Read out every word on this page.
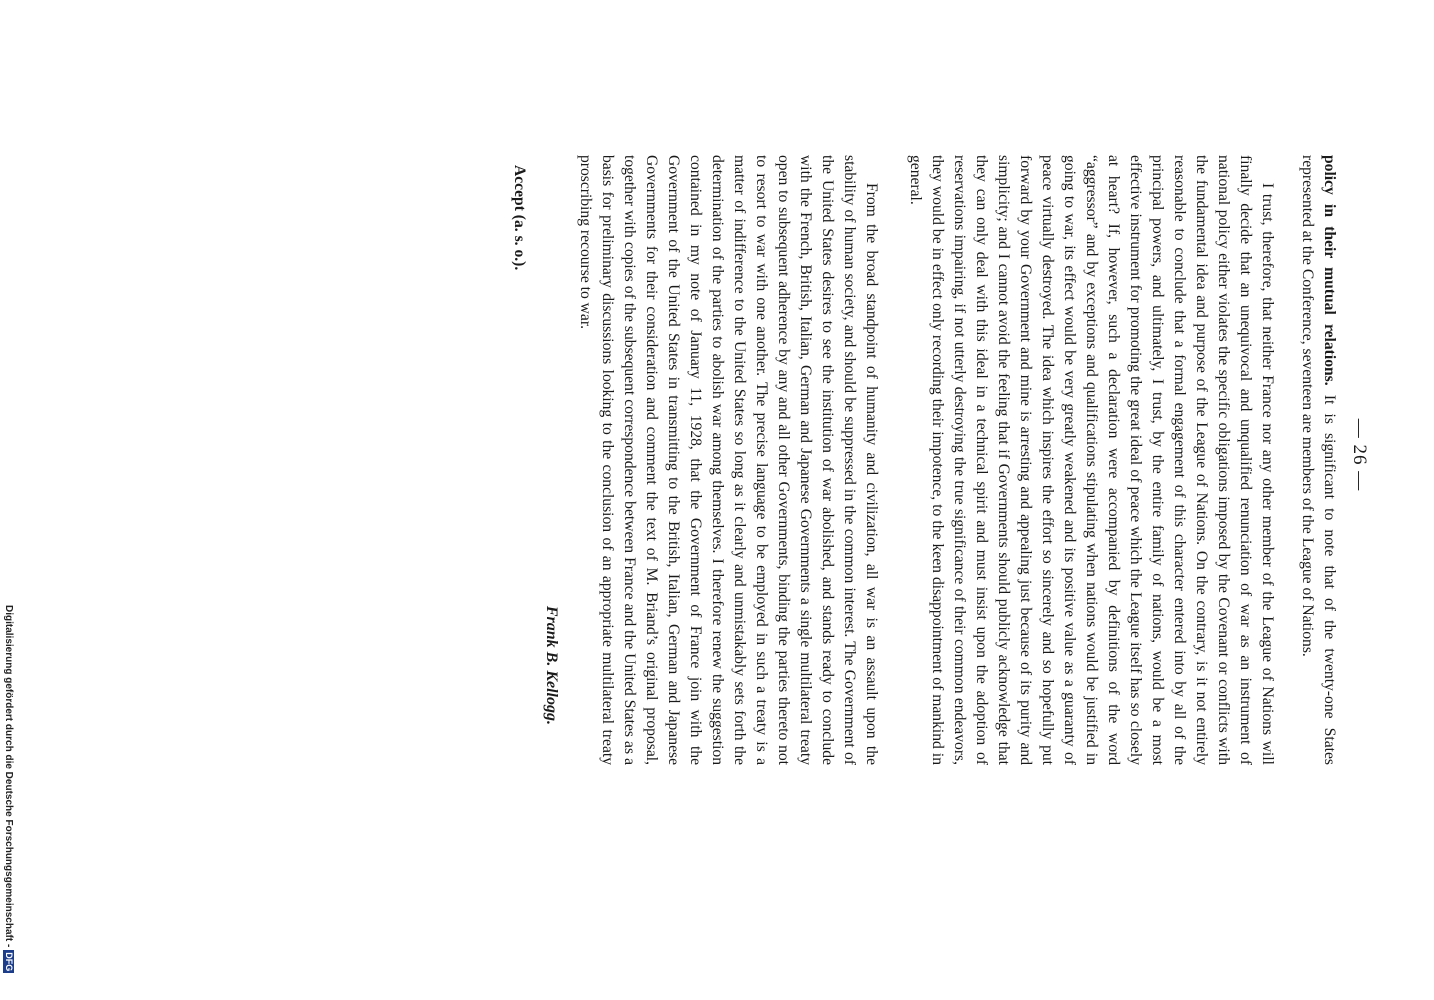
— 26 —

policy in their mutual relations. It is significant to note that of the twenty-one States represented at the Conference, seventeen are members of the League of Nations.

I trust, therefore, that neither France nor any other member of the League of Nations will finally decide that an unequivocal and unqualified renunciation of war as an instrument of national policy either violates the specific obligations imposed by the Covenant or conflicts with the fundamental idea and purpose of the League of Nations. On the contrary, is it not entirely reasonable to conclude that a formal engagement of this character entered into by all of the principal powers, and ultimately, I trust, by the entire family of nations, would be a most effective instrument for promoting the great ideal of peace which the League itself has so closely at heart? If, however, such a declaration were accompanied by definitions of the word “aggressor” and by exceptions and qualifications stipulating when nations would be justified in going to war, its effect would be very greatly weakened and its positive value as a guaranty of peace virtually destroyed. The idea which inspires the effort so sincerely and so hopefully put forward by your Government and mine is arresting and appealing just because of its purity and simplicity; and I cannot avoid the feeling that if Governments should publicly acknowledge that they can only deal with this ideal in a technical spirit and must insist upon the adoption of reservations impairing, if not utterly destroying the true significance of their common endeavors, they would be in effect only recording their impotence, to the keen disappointment of mankind in general.

From the broad standpoint of humanity and civilization, all war is an assault upon the stability of human society, and should be suppressed in the common interest. The Government of the United States desires to see the institution of war abolished, and stands ready to conclude with the French, British, Italian, German and Japanese Governments a single multilateral treaty open to subsequent adherence by any and all other Governments, binding the parties thereto not to resort to war with one another. The precise language to be employed in such a treaty is a matter of indifference to the United States so long as it clearly and unmistakably sets forth the determination of the parties to abolish war among themselves. I therefore renew the suggestion contained in my note of January 11, 1928, that the Government of France join with the Government of the United States in transmitting to the British, Italian, German and Japanese Governments for their consideration and comment the text of M. Briand’s original proposal, together with copies of the subsequent correspondence between France and the United States as a basis for preliminary discussions looking to the conclusion of an appropriate multilateral treaty proscribing recourse to war.

Frank B. Kellogg.
Accept (a. s. o.).
Digitalisierung gefördert durch die Deutsche Forschungsgemeinschaft -DFG
